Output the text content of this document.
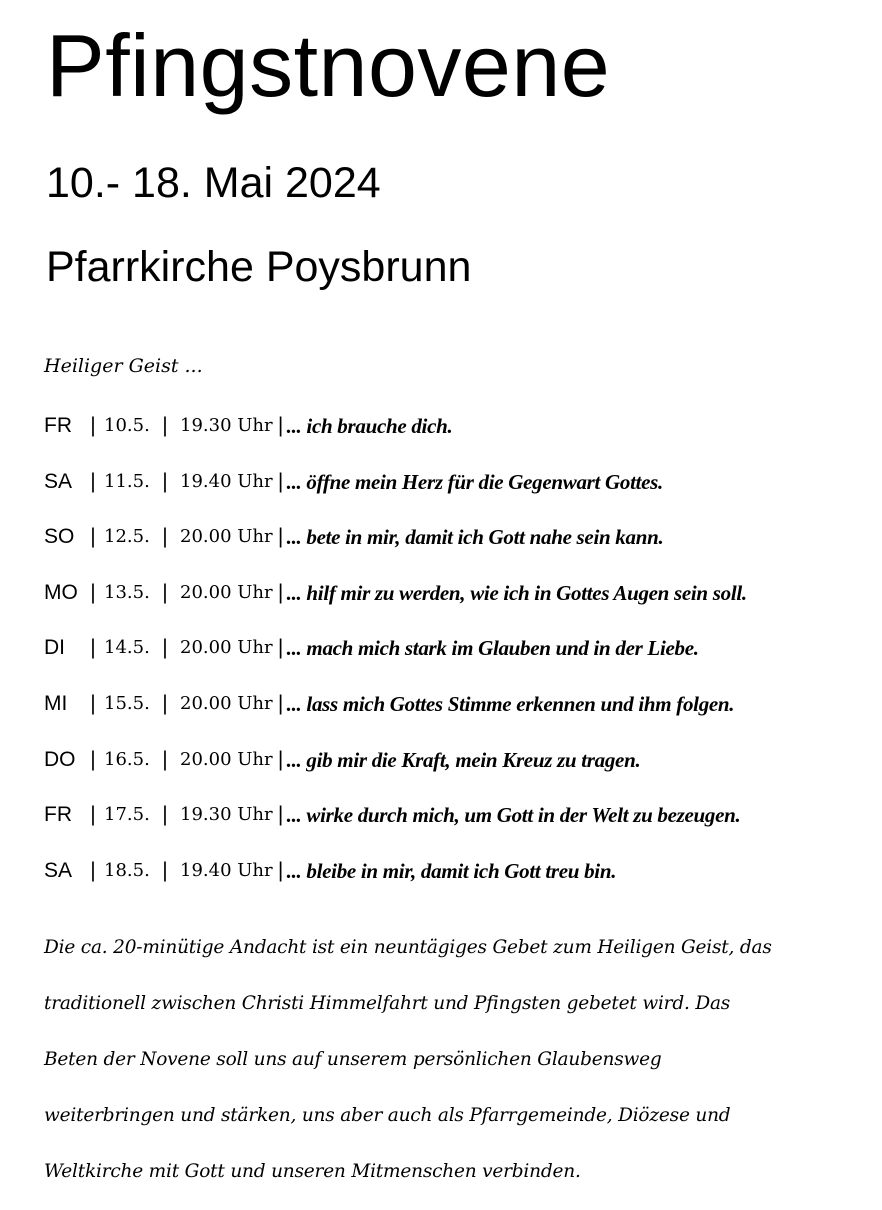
Pfingstnovene
10.- 18. Mai 2024
Pfarrkirche Poysbrunn
Heiliger Geist ...
FR | 10.5. | 19.30 Uhr | ... ich brauche dich.
SA | 11.5. | 19.40 Uhr | ... öffne mein Herz für die Gegenwart Gottes.
SO | 12.5. | 20.00 Uhr | ... bete in mir, damit ich Gott nahe sein kann.
MO | 13.5. | 20.00 Uhr | ... hilf mir zu werden, wie ich in Gottes Augen sein soll.
DI	| 14.5. | 20.00 Uhr | ... mach mich stark im Glauben und in der Liebe.
MI	| 15.5. | 20.00 Uhr | ... lass mich Gottes Stimme erkennen und ihm folgen.
DO | 16.5. | 20.00 Uhr | ... gib mir die Kraft, mein Kreuz zu tragen.
FR | 17.5. | 19.30 Uhr | ... wirke durch mich, um Gott in der Welt zu bezeugen.
SA | 18.5. | 19.40 Uhr | ... bleibe in mir, damit ich Gott treu bin.
Die ca. 20-minütige Andacht ist ein neuntägiges Gebet zum Heiligen Geist, das
traditionell zwischen Christi Himmelfahrt und Pfingsten gebetet wird. Das
Beten der Novene soll uns auf unserem persönlichen Glaubensweg
weiterbringen und stärken, uns aber auch als Pfarrgemeinde, Diözese und
Weltkirche mit Gott und unseren Mitmenschen verbinden.
